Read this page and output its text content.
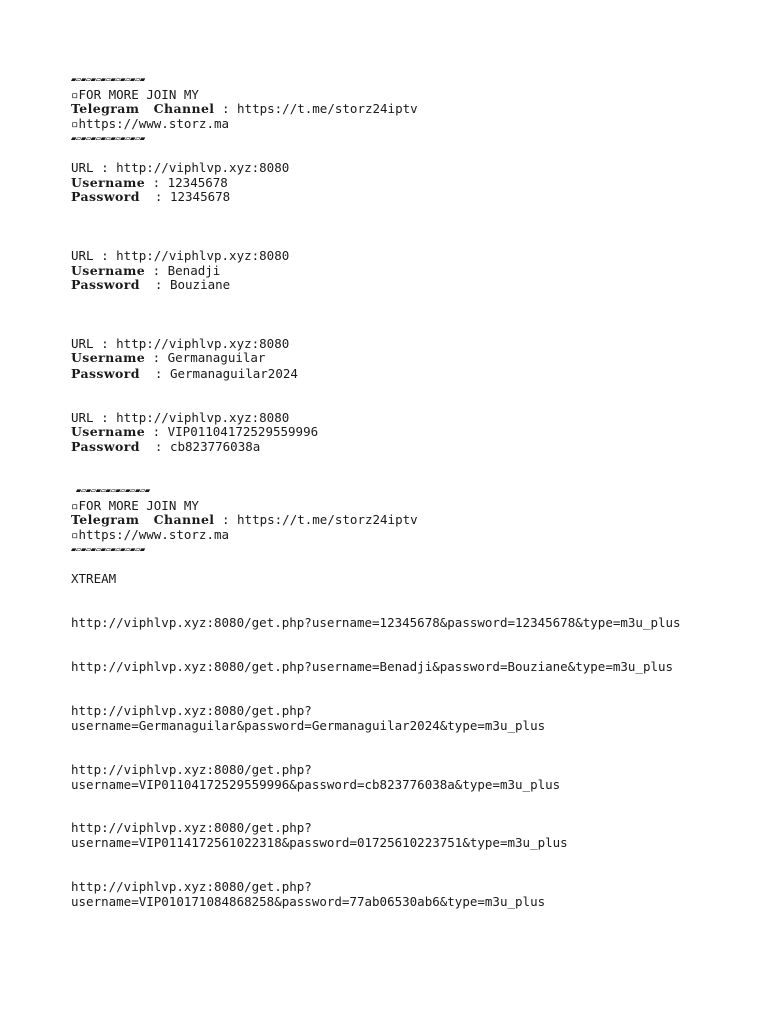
▰▱▰▱▰▱▰▱▰▱▰▱▰▱▰
▫FOR MORE JOIN MY
Telegram   Channel : https://t.me/storz24iptv
▫https://www.storz.ma
▰▱▰▱▰▱▰▱▰▱▰▱▰▱▰
URL : http://viphlvp.xyz:8080
Username : 12345678
Password  : 12345678
URL : http://viphlvp.xyz:8080
Username : Benadji
Password  : Bouziane
URL : http://viphlvp.xyz:8080
Username : Germanaguilar
Password  : Germanaguilar2024
URL : http://viphlvp.xyz:8080
Username : VIP01104172529559996
Password  : cb823776038a
▰▱▰▱▰▱▰▱▰▱▰▱▰▱▰
▫FOR MORE JOIN MY
Telegram   Channel : https://t.me/storz24iptv
▫https://www.storz.ma
▰▱▰▱▰▱▰▱▰▱▰▱▰▱▰
XTREAM
http://viphlvp.xyz:8080/get.php?username=12345678&password=12345678&type=m3u_plus
http://viphlvp.xyz:8080/get.php?username=Benadji&password=Bouziane&type=m3u_plus
http://viphlvp.xyz:8080/get.php?
username=Germanaguilar&password=Germanaguilar2024&type=m3u_plus
http://viphlvp.xyz:8080/get.php?
username=VIP01104172529559996&password=cb823776038a&type=m3u_plus
http://viphlvp.xyz:8080/get.php?
username=VIP0114172561022318&password=01725610223751&type=m3u_plus
http://viphlvp.xyz:8080/get.php?
username=VIP010171084868258&password=77ab06530ab6&type=m3u_plus
